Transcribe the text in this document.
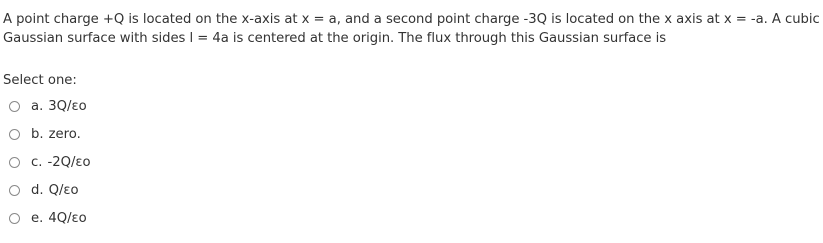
A point charge +Q is located on the x-axis at x = a, and a second point charge -3Q is located on the x axis at x = -a. A cubic

Gaussian surface with sides l = 4a is centered at the origin. The flux through this Gaussian surface is

Select one:
a. 3Q/εo
b. zero.
c. -2Q/εo
d. Q/εo
e. 4Q/εo
